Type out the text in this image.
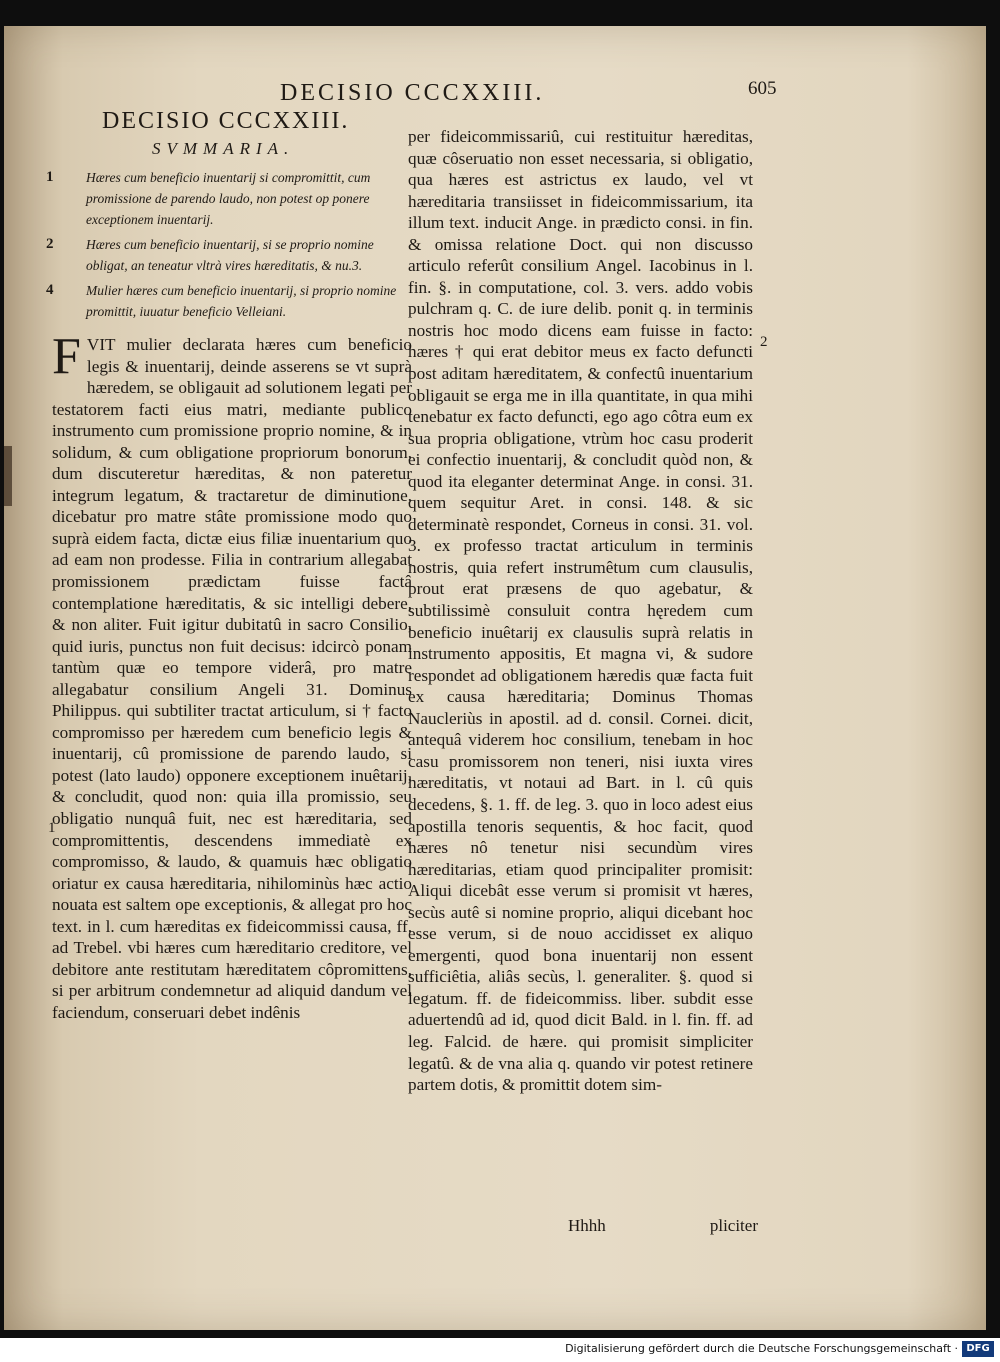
DECISIO CCCXXIII.	605
DECISIO CCCXXIII.
SVMMARIA.
1 Hæres cum beneficio inuentarij si compromittit, cum promissione de parendo laudo, non potest op ponere exceptionem inuentarij.
2 Hæres cum beneficio inuentarij, si se proprio nomine obligat, an teneatur vltrà vires hæreditatis, & nu.3.
4 Mulier hæres cum beneficio inuentarij, si proprio nomine promittit, iuuatur beneficio Velleiani.
F VIT mulier declarata hæres cum beneficio legis & inuentarij, deinde asserens se vt suprà hæredem, se obligauit ad solutionem legati per testatorem facti eius matri, mediante publico instrumento cum promissione proprio nomine, & in solidum, & cum obligatione propriorum bonorum, dum discuteretur hæreditas, & non pateretur integrum legatum, & tractaretur de diminutione, dicebatur pro matre stâte promissione modo quo suprà eidem facta, dictæ eius filiæ inuentarium quo ad eam non prodesse. Filia in contrarium allegabat promissionem prædictam fuisse factâ contemplatione hæreditatis, & sic intelligi debere, & non aliter. Fuit igitur dubitatû in sacro Consilio, quid iuris, punctus non fuit decisus: idcircò ponam tantùm quæ eo tempore viderâ, pro matre allegabatur consilium Angeli 31. Dominus Philippus. qui subtiliter tractat articulum, si † facto compromisso per hæredem cum beneficio legis & inuentarij, cû promissione de parendo laudo, si potest (lato laudo) opponere exceptionem inuêtarij, & concludit, quod non: quia illa promissio, seu obligatio nunquâ fuit, nec est hæreditaria, sed compromittentis, descendens immediatè ex compromisso, & laudo, & quamuis hæc obligatio oriatur ex causa hæreditaria, nihilominùs hæc actio nouata est saltem ope exceptionis, & allegat pro hoc text. in l. cum hæreditas ex fideicommissi causa, ff. ad Trebel. vbi hæres cum hæreditario creditore, vel debitore ante restitutam hæreditatem côpromittens, si per arbitrum condemnetur ad aliquid dandum vel faciendum, conseruari debet indênis
per fideicommissariû, cui restituitur hæreditas, quæ côseruatio non esset necessaria, si obligatio, qua hæres est astrictus ex laudo, vel vt hæreditaria transiisset in fideicommissarium, ita illum text. inducit Ange. in prædicto consi. in fin. & omissa relatione Doct. qui non discusso articulo referût consilium Angel. Iacobinus in l. fin. §. in computatione, col. 3. vers. addo vobis pulchram q. C. de iure delib. ponit q. in terminis nostris hoc modo dicens eam fuisse in facto: hæres † qui erat debitor meus ex facto defuncti post aditam hæreditatem, & confectû inuentarium obligauit se erga me in illa quantitate, in qua mihi tenebatur ex facto defuncti, ego ago côtra eum ex sua propria obligatione, vtrùm hoc casu proderit ei confectio inuentarij, & concludit quòd non, & quod ita eleganter determinat Ange. in consi. 31. quem sequitur Aret. in consi. 148. & sic determinatè respondet, Corneus in consi. 31. vol. 3. ex professo tractat articulum in terminis nostris, quia refert instrumêtum cum clausulis, prout erat præsens de quo agebatur, & subtilissimè consuluit contra hęredem cum beneficio inuêtarij ex clausulis suprà relatis in instrumento appositis, Et magna vi, & sudore respondet ad obligationem hæredis quæ facta fuit ex causa hæreditaria; Dominus Thomas Naucleriùs in apostil. ad d. consil. Cornei. dicit, antequâ viderem hoc consilium, tenebam in hoc casu promissorem non teneri, nisi iuxta vires hæreditatis, vt notaui ad Bart. in l. cû quis decedens, §. 1. ff. de leg. 3. quo in loco adest eius apostilla tenoris sequentis, & hoc facit, quod hæres nô tenetur nisi secundùm vires hæreditarias, etiam quod principaliter promisit: Aliqui dicebât esse verum si promisit vt hæres, secùs autê si nomine proprio, aliqui dicebant hoc esse verum, si de nouo accidisset ex aliquo emergenti, quod bona inuentarij non essent sufficiêtia, aliâs secùs, l. generaliter. §. quod si legatum. ff. de fideicommiss. liber. subdit esse aduertendû ad id, quod dicit Bald. in l. fin. ff. ad leg. Falcid. de hære. qui promisit simpliciter legatû. & de vna alia q. quando vir potest retinere partem dotis, & promittit dotem sim-
1
2
Hhhh	pliciter
Digitalisierung gefördert durch die Deutsche Forschungsgemeinschaft · DFG
